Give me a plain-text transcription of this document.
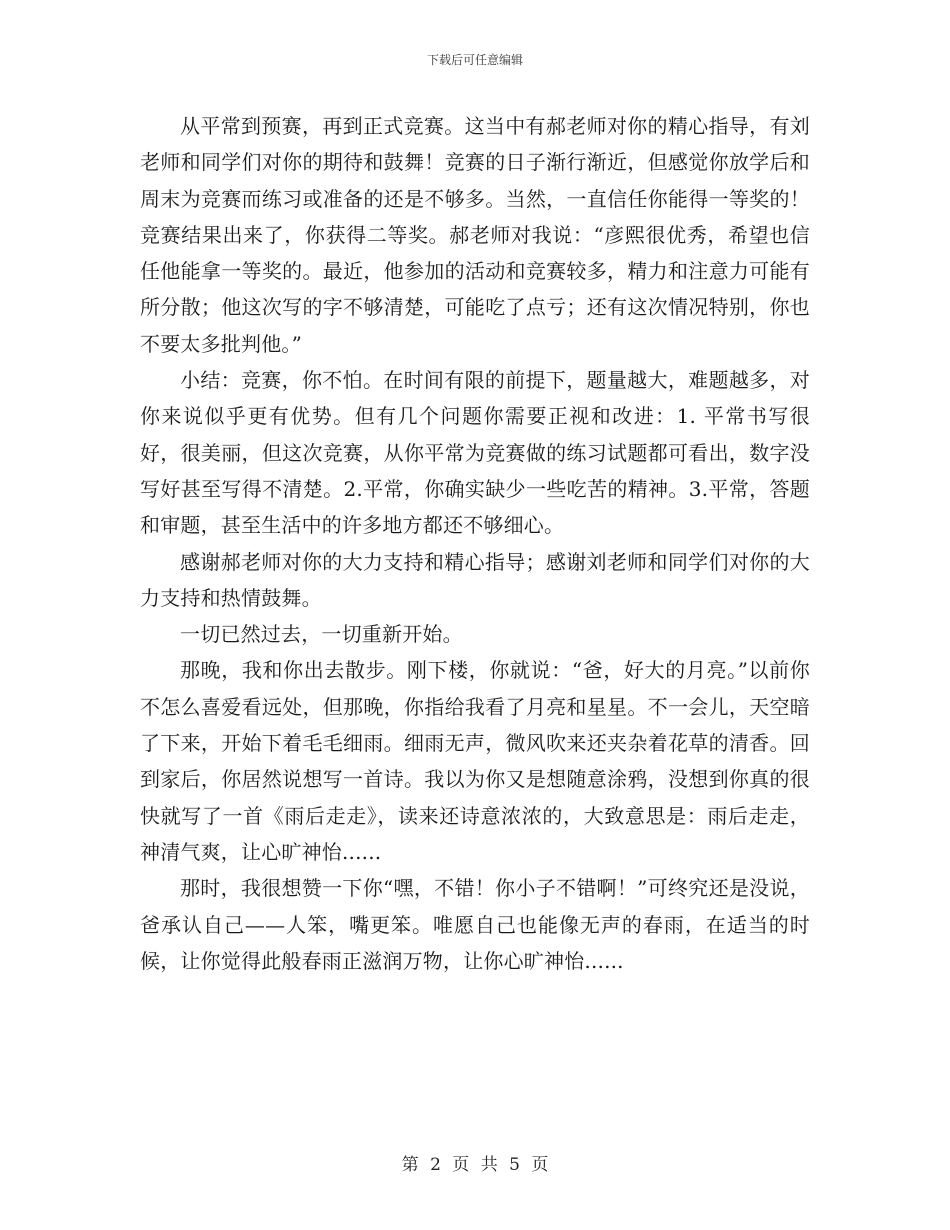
下载后可任意编辑

从平常到预赛，再到正式竞赛。这当中有郝老师对你的精心指导，有刘老师和同学们对你的期待和鼓舞！竞赛的日子渐行渐近，但感觉你放学后和周末为竞赛而练习或准备的还是不够多。当然，一直信任你能得一等奖的！竞赛结果出来了，你获得二等奖。郝老师对我说：“彦熙很优秀，希望也信任他能拿一等奖的。最近，他参加的活动和竞赛较多，精力和注意力可能有所分散；他这次写的字不够清楚，可能吃了点亏；还有这次情况特别，你也不要太多批判他。”

小结：竞赛，你不怕。在时间有限的前提下，题量越大，难题越多，对你来说似乎更有优势。但有几个问题你需要正视和改进：1. 平常书写很好，很美丽，但这次竞赛，从你平常为竞赛做的练习试题都可看出，数字没写好甚至写得不清楚。2.平常，你确实缺少一些吃苦的精神。3.平常，答题和审题，甚至生活中的许多地方都还不够细心。

感谢郝老师对你的大力支持和精心指导；感谢刘老师和同学们对你的大力支持和热情鼓舞。

一切已然过去，一切重新开始。

那晚，我和你出去散步。刚下楼，你就说：“爸，好大的月亮。”以前你不怎么喜爱看远处，但那晚，你指给我看了月亮和星星。不一会儿，天空暗了下来，开始下着毛毛细雨。细雨无声，微风吹来还夹杂着花草的清香。回到家后，你居然说想写一首诗。我以为你又是想随意涂鸦，没想到你真的很快就写了一首《雨后走走》，读来还诗意浓浓的，大致意思是：雨后走走，神清气爽，让心旷神怡......

那时，我很想赞一下你“嘿，不错！你小子不错啊！”可终究还是没说，爸承认自己——人笨，嘴更笨。唯愿自己也能像无声的春雨，在适当的时候，让你觉得此般春雨正滋润万物，让你心旷神怡......

第 2 页 共 5 页
